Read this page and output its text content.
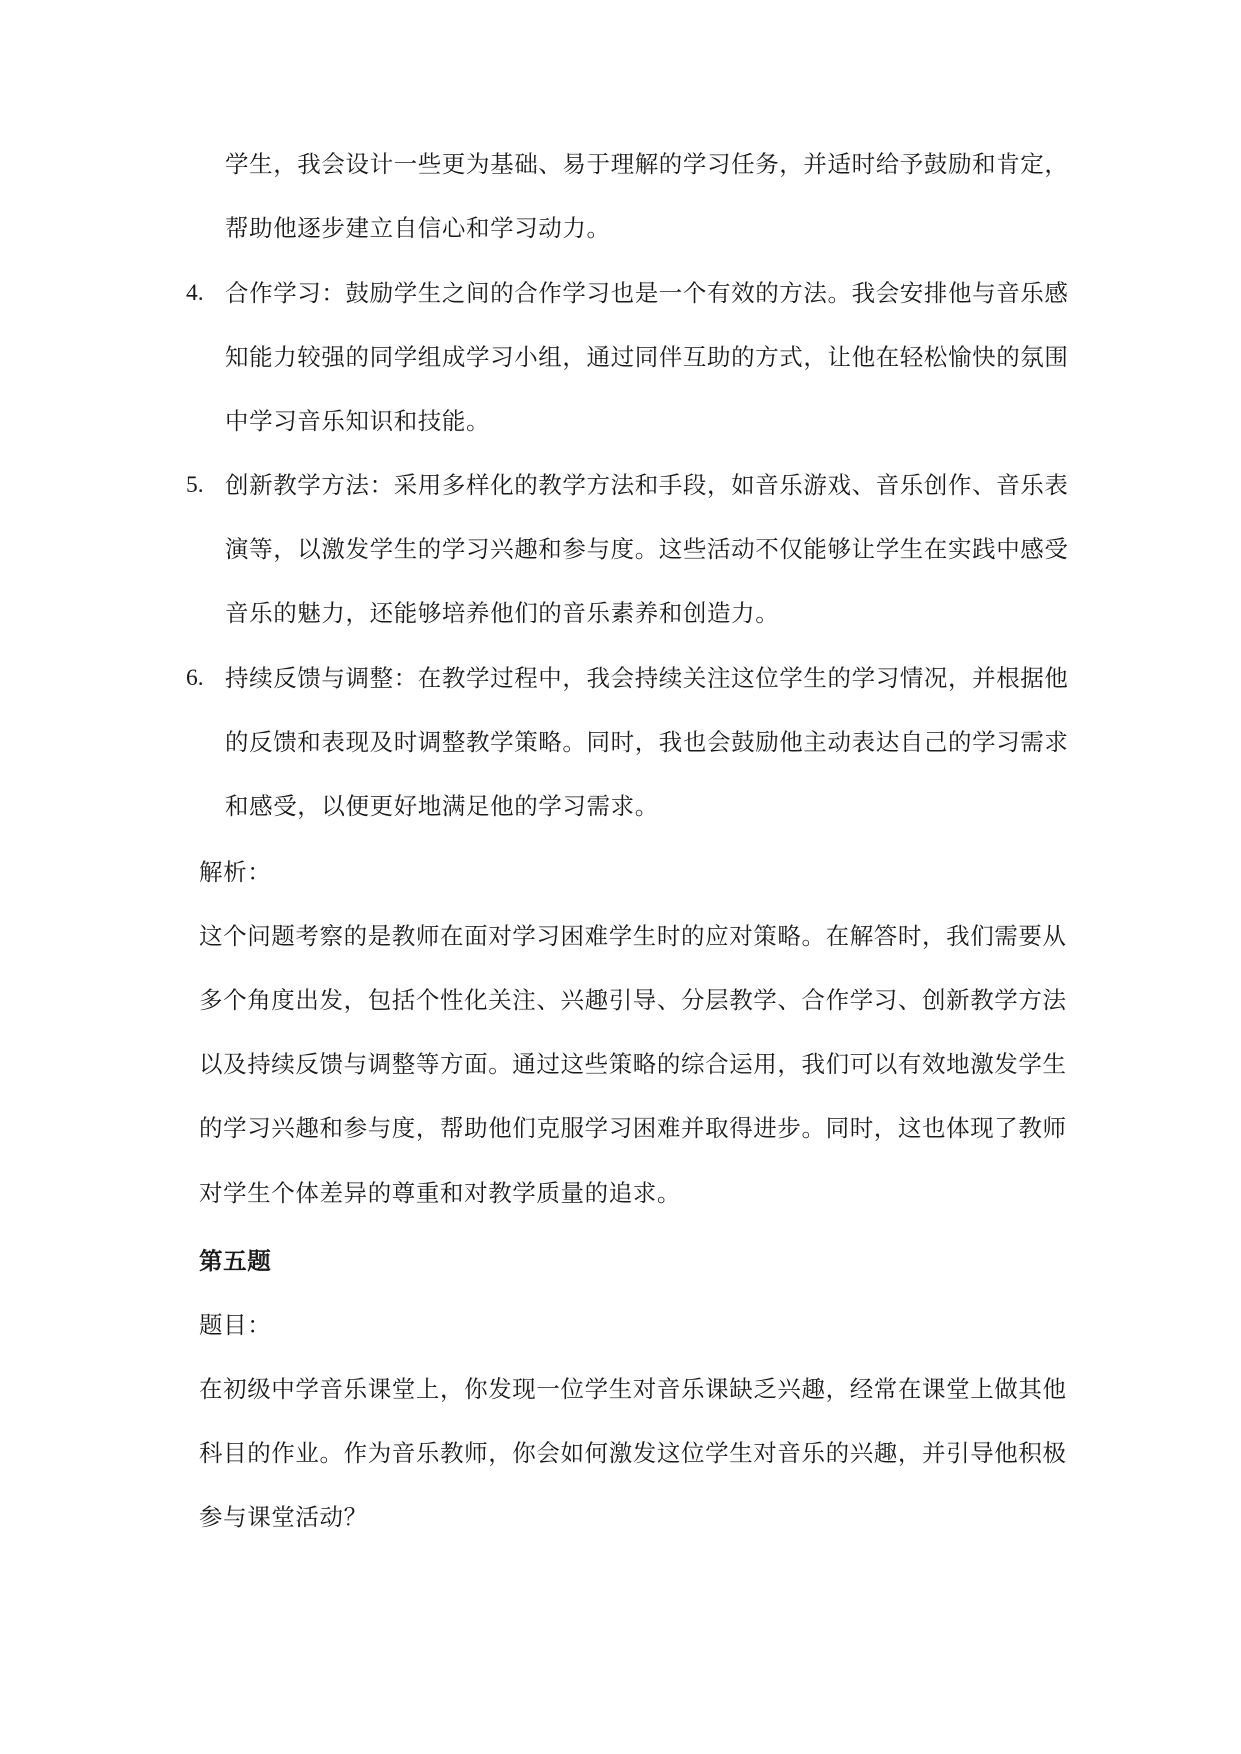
学生，我会设计一些更为基础、易于理解的学习任务，并适时给予鼓励和肯定，
帮助他逐步建立自信心和学习动力。
4. 合作学习：鼓励学生之间的合作学习也是一个有效的方法。我会安排他与音乐感
知能力较强的同学组成学习小组，通过同伴互助的方式，让他在轻松愉快的氛围
中学习音乐知识和技能。
5. 创新教学方法：采用多样化的教学方法和手段，如音乐游戏、音乐创作、音乐表
演等，以激发学生的学习兴趣和参与度。这些活动不仅能够让学生在实践中感受
音乐的魅力，还能够培养他们的音乐素养和创造力。
6. 持续反馈与调整：在教学过程中，我会持续关注这位学生的学习情况，并根据他
的反馈和表现及时调整教学策略。同时，我也会鼓励他主动表达自己的学习需求
和感受，以便更好地满足他的学习需求。
解析：
这个问题考察的是教师在面对学习困难学生时的应对策略。在解答时，我们需要从
多个角度出发，包括个性化关注、兴趣引导、分层教学、合作学习、创新教学方法
以及持续反馈与调整等方面。通过这些策略的综合运用，我们可以有效地激发学生
的学习兴趣和参与度，帮助他们克服学习困难并取得进步。同时，这也体现了教师
对学生个体差异的尊重和对教学质量的追求。
第五题
题目：
在初级中学音乐课堂上，你发现一位学生对音乐课缺乏兴趣，经常在课堂上做其他
科目的作业。作为音乐教师，你会如何激发这位学生对音乐的兴趣，并引导他积极
参与课堂活动？
